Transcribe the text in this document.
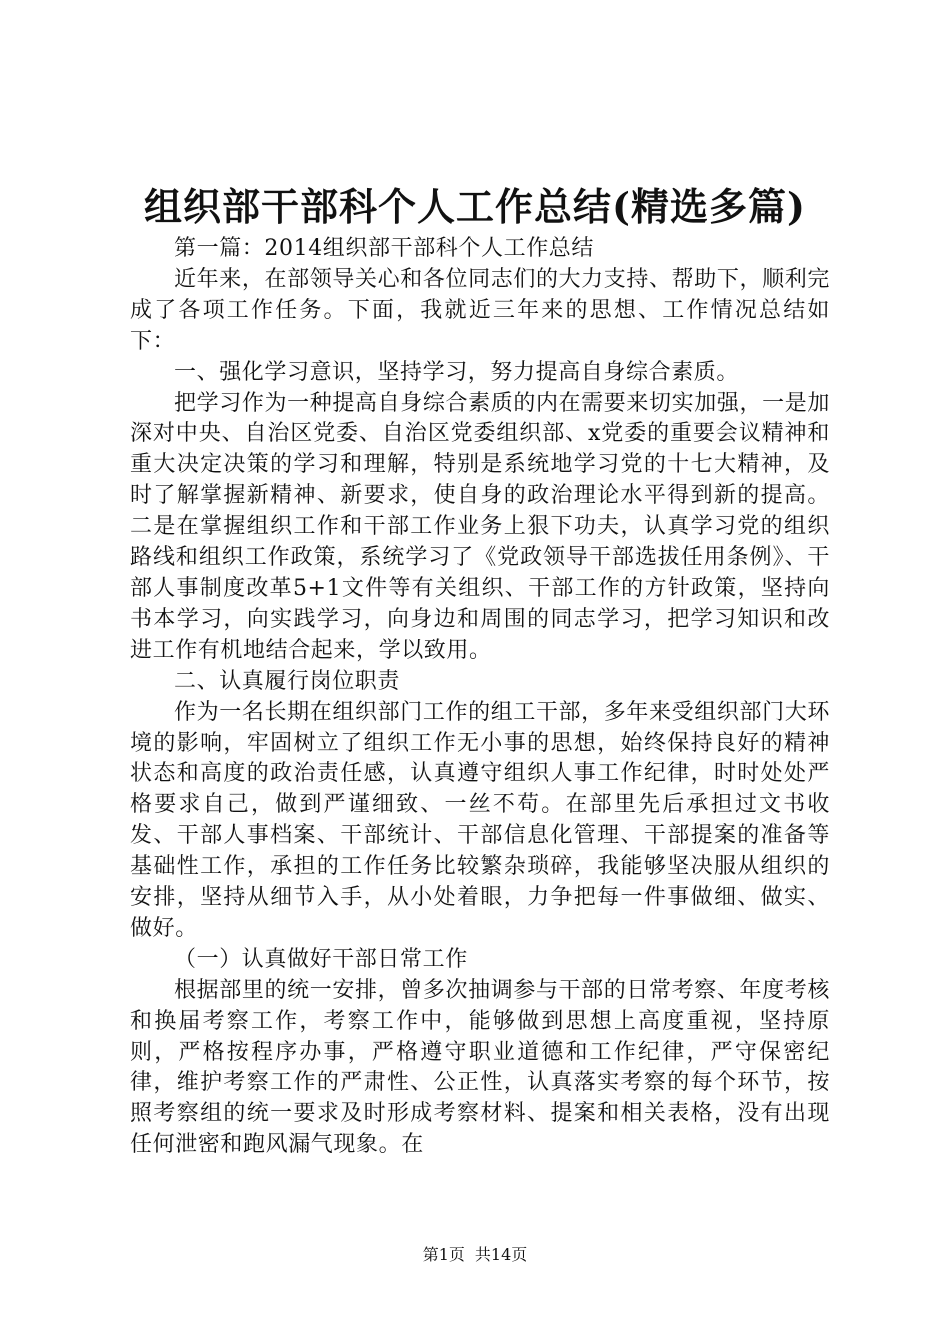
组织部干部科个人工作总结(精选多篇)

第一篇：2014组织部干部科个人工作总结

近年来，在部领导关心和各位同志们的大力支持、帮助下，顺利完成了各项工作任务。下面，我就近三年来的思想、工作情况总结如下：

一、强化学习意识，坚持学习，努力提高自身综合素质。

把学习作为一种提高自身综合素质的内在需要来切实加强，一是加深对中央、自治区党委、自治区党委组织部、x党委的重要会议精神和重大决定决策的学习和理解，特别是系统地学习党的十七大精神，及时了解掌握新精神、新要求，使自身的政治理论水平得到新的提高。二是在掌握组织工作和干部工作业务上狠下功夫，认真学习党的组织路线和组织工作政策，系统学习了《党政领导干部选拔任用条例》、干部人事制度改革5+1文件等有关组织、干部工作的方针政策，坚持向书本学习，向实践学习，向身边和周围的同志学习，把学习知识和改进工作有机地结合起来，学以致用。

二、认真履行岗位职责

作为一名长期在组织部门工作的组工干部，多年来受组织部门大环境的影响，牢固树立了组织工作无小事的思想，始终保持良好的精神状态和高度的政治责任感，认真遵守组织人事工作纪律，时时处处严格要求自己，做到严谨细致、一丝不苟。在部里先后承担过文书收发、干部人事档案、干部统计、干部信息化管理、干部提案的准备等基础性工作，承担的工作任务比较繁杂琐碎，我能够坚决服从组织的安排，坚持从细节入手，从小处着眼，力争把每一件事做细、做实、做好。

（一）认真做好干部日常工作

根据部里的统一安排，曾多次抽调参与干部的日常考察、年度考核和换届考察工作，考察工作中，能够做到思想上高度重视，坚持原则，严格按程序办事，严格遵守职业道德和工作纪律，严守保密纪律，维护考察工作的严肃性、公正性，认真落实考察的每个环节，按照考察组的统一要求及时形成考察材料、提案和相关表格，没有出现任何泄密和跑风漏气现象。在

第1页 共14页
